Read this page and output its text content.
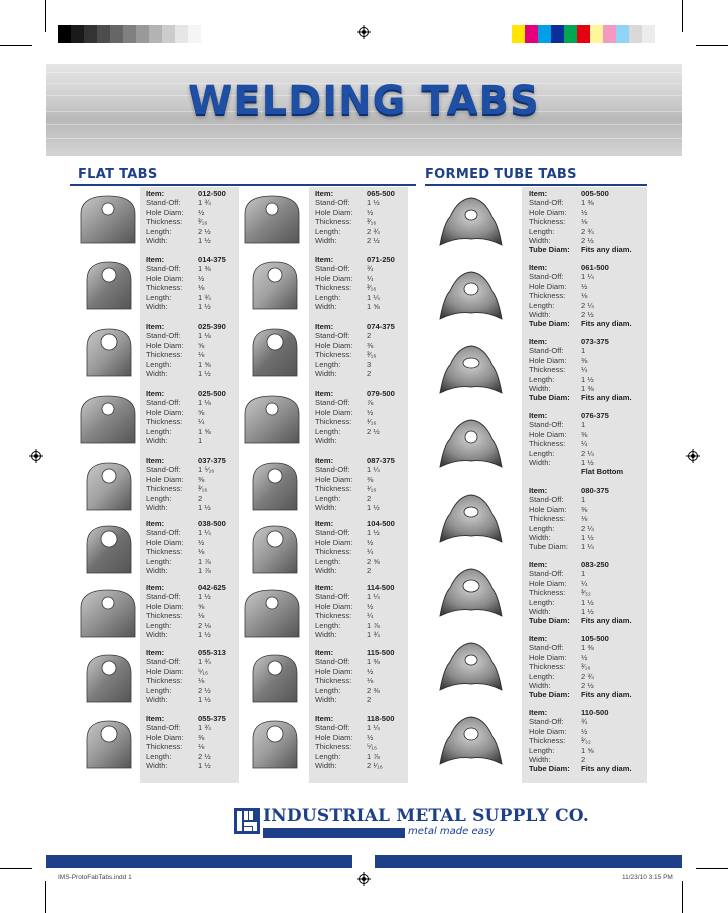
WELDING TABS
FLAT TABS	FORMED TUBE TABS
Item:	012-500
Stand-Off:	1 ¾
Hole Diam:	½
Thickness:	³⁄₁₆
Length:	2 ½
Width:	1 ½
Item:	014-375
Stand-Off:	1 ⅜
Hole Diam:	½
Thickness:	⅛
Length:	1 ¾
Width:	1 ½
Item:	025-390
Stand-Off:	1 ⅛
Hole Diam:	⅝
Thickness:	⅛
Length:	1 ⅝
Width:	1 ½
Item:	025-500
Stand-Off:	1 ⅛
Hole Diam:	⅝
Thickness:	¼
Length:	1 ⅝
Width:	1
Item:	037-375
Stand-Off:	1 ⁵⁄₁₆
Hole Diam:	⅜
Thickness:	³⁄₁₆
Length:	2
Width:	1 ½
Item:	038-500
Stand-Off:	1 ¼
Hole Diam:	½
Thickness:	⅛
Length:	1 ⅞
Width:	1 ⅞
Item:	042-625
Stand-Off:	1 ½
Hole Diam:	⅝
Thickness:	⅛
Length:	2 ⅛
Width:	1 ½
Item:	055-313
Stand-Off:	1 ¾
Hole Diam:	⁵⁄₁₆
Thickness:	⅛
Length:	2 ½
Width:	1 ½
Item:	055-375
Stand-Off:	1 ¾
Hole Diam:	⅜
Thickness:	⅛
Length:	2 ½
Width:	1 ½
Item:	065-500
Stand-Off:	1 ½
Hole Diam:	½
Thickness:	³⁄₁₆
Length:	2 ¾
Width:	2 ½
Item:	071-250
Stand-Off:	¾
Hole Diam:	¼
Thickness:	³⁄₁₆
Length:	1 ¼
Width:	1 ⅝
Item:	074-375
Stand-Off:	2
Hole Diam:	⅜
Thickness:	³⁄₁₆
Length:	3
Width:	2
Item:	079-500
Stand-Off:	⅞
Hole Diam:	½
Thickness:	¹⁄₁₆
Length:	2 ½
Width:
Item:	087-375
Stand-Off:	1 ¼
Hole Diam:	⅜
Thickness:	¹⁄₁₆
Length:	2
Width:	1 ½
Item:	104-500
Stand-Off:	1 ½
Hole Diam:	½
Thickness:	¼
Length:	2 ⅝
Width:	2
Item:	114-500
Stand-Off:	1 ¼
Hole Diam:	½
Thickness:	¼
Length:	1 ⅞
Width:	1 ¾
Item:	115-500
Stand-Off:	1 ⅜
Hole Diam:	½
Thickness:	⅛
Length:	2 ⅜
Width:	2
Item:	118-500
Stand-Off:	1 ¼
Hole Diam:	½
Thickness:	⁵⁄₁₆
Length:	1 ⅞
Width:	2 ¹⁄₁₆
Item:	005-500
Stand-Off:	1 ⅜
Hole Diam:	½
Thickness:	⅛
Length:	2 ¾
Width:	2 ½
Tube Diam:	Fits any diam.
Item:	061-500
Stand-Off:	1 ¼
Hole Diam:	½
Thickness:	⅛
Length:	2 ¼
Width:	2 ½
Tube Diam:	Fits any diam.
Item:	073-375
Stand-Off:	1
Hole Diam:	⅜
Thickness:	¼
Length:	1 ½
Width:	1 ⅜
Tube Diam:	Fits any diam.
Item:	076-375
Stand-Off:	1
Hole Diam:	⅜
Thickness:	¼
Length:	2 ¼
Width:	1 ½
Flat Bottom
Item:	080-375
Stand-Off:	1
Hole Diam:	⅜
Thickness:	⅛
Length:	2 ¼
Width:	1 ½
Tube Diam:	1 ¼
Item:	083-250
Stand-Off:	1
Hole Diam:	¼
Thickness:	³⁄₃₂
Length:	1 ½
Width:	1 ½
Tube Diam:	Fits any diam.
Item:	105-500
Stand-Off:	1 ⅜
Hole Diam:	½
Thickness:	³⁄₁₆
Length:	2 ¾
Width:	2 ½
Tube Diam:	Fits any diam.
Item:	110-500
Stand-Off:	¾
Hole Diam:	½
Thickness:	³⁄₃₂
Length:	1 ⅝
Width:	2
Tube Diam:	Fits any diam.
INDUSTRIAL METAL SUPPLY CO.
metal made easy
IMS-ProtoFabTabs.indd 1	11/23/10 3:15 PM
